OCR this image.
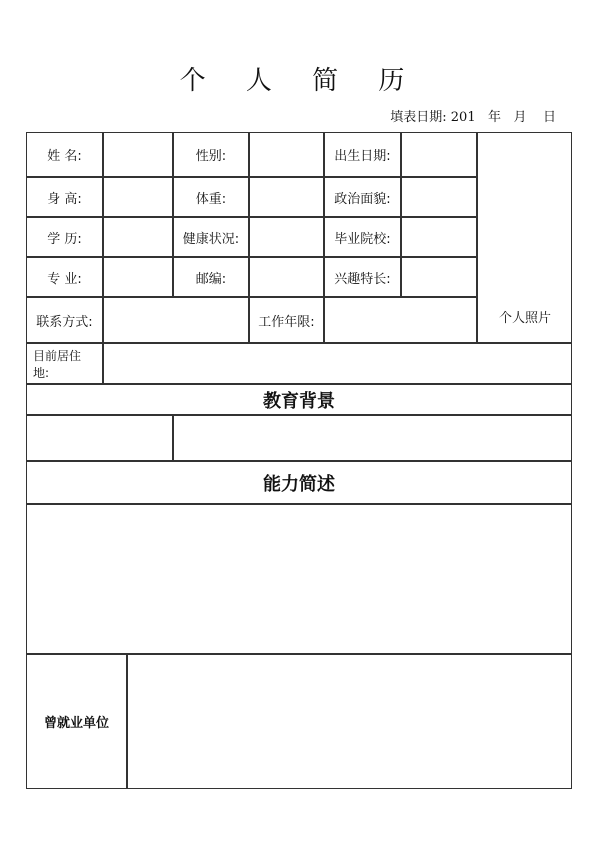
个 人 简 历
填表日期: 201 年 月 日
姓 名:	性别:	出生日期:
身 高:	体重:	政治面貌:
学 历:	健康状况:	毕业院校:
专 业:	邮编:	兴趣特长:
联系方式:	工作年限:
目前居住地:
教育背景
能力简述
曾就业单位
个人照片
